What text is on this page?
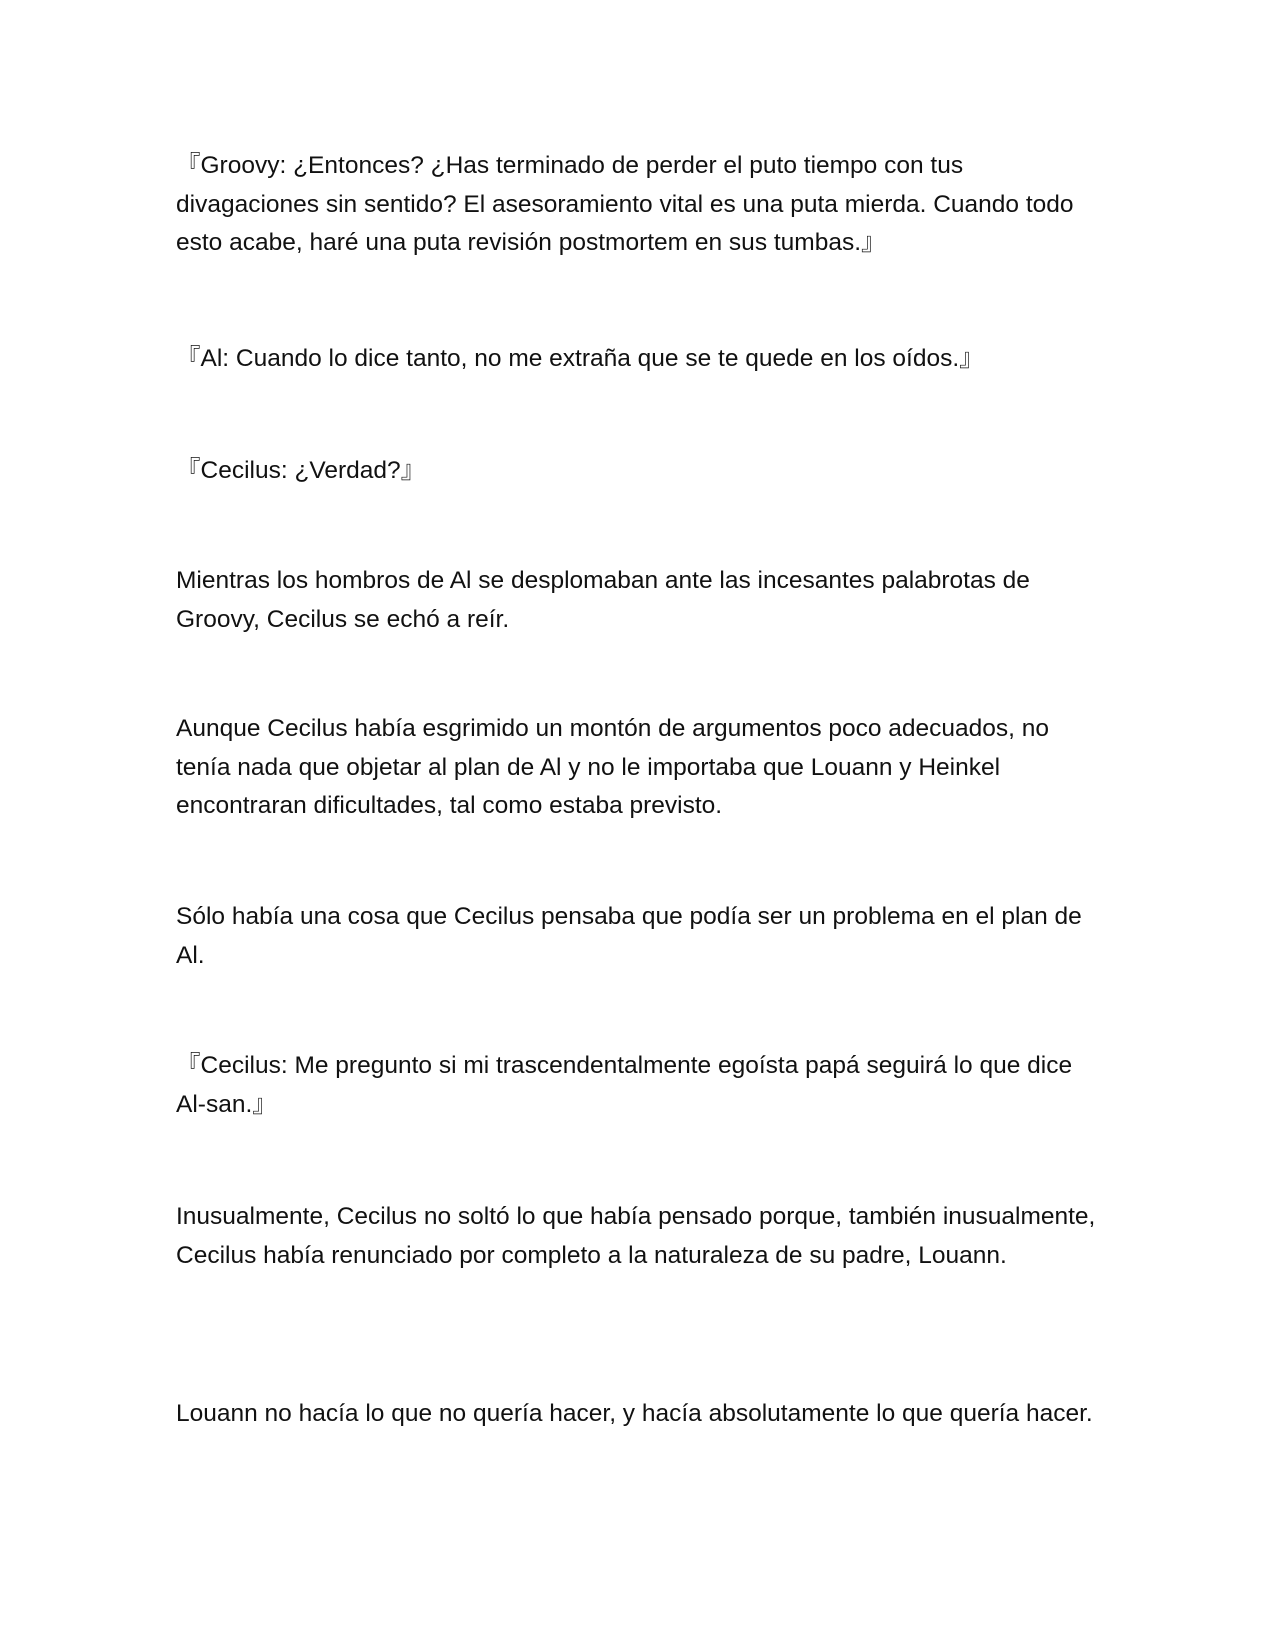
『Groovy: ¿Entonces? ¿Has terminado de perder el puto tiempo con tus divagaciones sin sentido? El asesoramiento vital es una puta mierda. Cuando todo esto acabe, haré una puta revisión postmortem en sus tumbas.』

『Al: Cuando lo dice tanto, no me extraña que se te quede en los oídos.』

『Cecilus: ¿Verdad?』

Mientras los hombros de Al se desplomaban ante las incesantes palabrotas de Groovy, Cecilus se echó a reír.

Aunque Cecilus había esgrimido un montón de argumentos poco adecuados, no tenía nada que objetar al plan de Al y no le importaba que Louann y Heinkel encontraran dificultades, tal como estaba previsto.

Sólo había una cosa que Cecilus pensaba que podía ser un problema en el plan de Al.

『Cecilus: Me pregunto si mi trascendentalmente egoísta papá seguirá lo que dice Al-san.』

Inusualmente, Cecilus no soltó lo que había pensado porque, también inusualmente, Cecilus había renunciado por completo a la naturaleza de su padre, Louann.

Louann no hacía lo que no quería hacer, y hacía absolutamente lo que quería hacer.
